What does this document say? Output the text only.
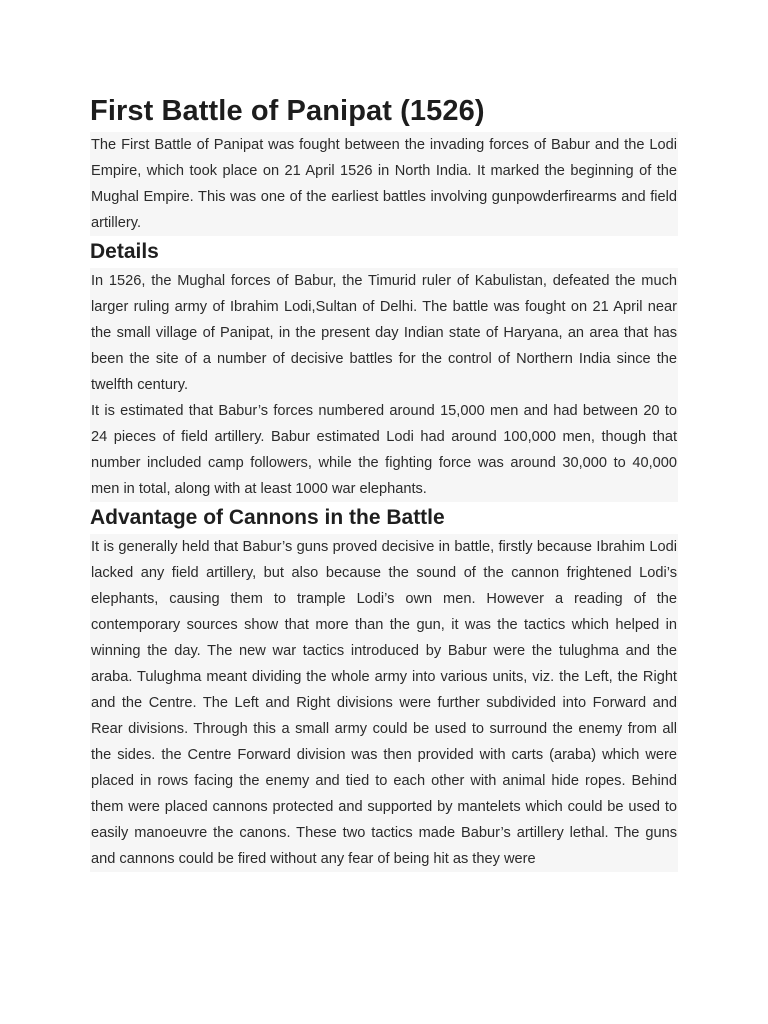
First Battle of Panipat (1526)

The First Battle of Panipat was fought between the invading forces of Babur and the Lodi Empire, which took place on 21 April 1526 in North India. It marked the beginning of the Mughal Empire. This was one of the earliest battles involving gunpowderfirearms and field artillery.

Details

In 1526, the Mughal forces of Babur, the Timurid ruler of Kabulistan, defeated the much larger ruling army of Ibrahim Lodi,Sultan of Delhi. The battle was fought on 21 April near the small village of Panipat, in the present day Indian state of Haryana, an area that has been the site of a number of decisive battles for the control of Northern India since the twelfth century.

It is estimated that Babur’s forces numbered around 15,000 men and had between 20 to 24 pieces of field artillery. Babur estimated Lodi had around 100,000 men, though that number included camp followers, while the fighting force was around 30,000 to 40,000 men in total, along with at least 1000 war elephants.

Advantage of Cannons in the Battle

It is generally held that Babur’s guns proved decisive in battle, firstly because Ibrahim Lodi lacked any field artillery, but also because the sound of the cannon frightened Lodi’s elephants, causing them to trample Lodi’s own men. However a reading of the contemporary sources show that more than the gun, it was the tactics which helped in winning the day. The new war tactics introduced by Babur were the tulughma and the araba. Tulughma meant dividing the whole army into various units, viz. the Left, the Right and the Centre. The Left and Right divisions were further subdivided into Forward and Rear divisions. Through this a small army could be used to surround the enemy from all the sides. the Centre Forward division was then provided with carts (araba) which were placed in rows facing the enemy and tied to each other with animal hide ropes. Behind them were placed cannons protected and supported by mantelets which could be used to easily manoeuvre the canons. These two tactics made Babur’s artillery lethal. The guns and cannons could be fired without any fear of being hit as they were
